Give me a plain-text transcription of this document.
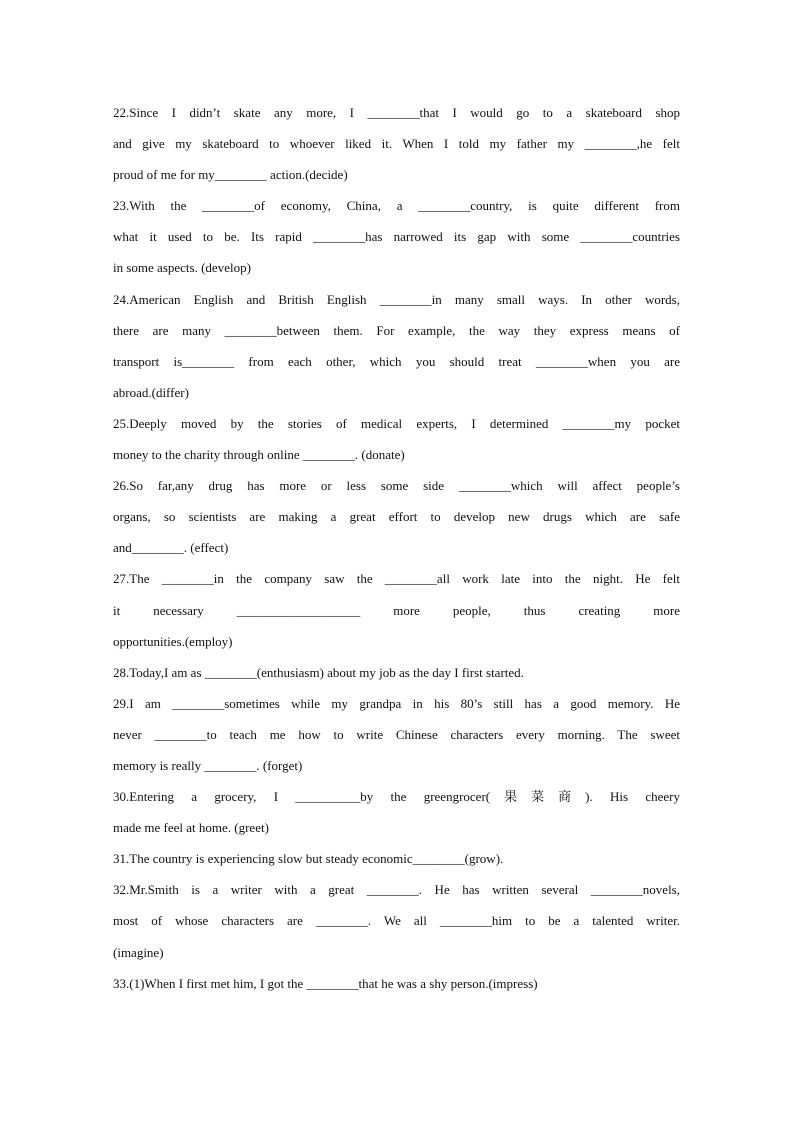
22.Since I didn’t skate any more, I ________that I would go to a skateboard shop
and give my skateboard to whoever liked it. When I told my father my ________,he felt
proud of me for my________ action.(decide)
23.With the ________of economy, China, a ________country, is quite different from
what it used to be. Its rapid ________has narrowed its gap with some ________countries
in some aspects. (develop)
24.American English and British English ________in many small ways. In other words,
there are many ________between them. For example, the way they express means of
transport is________ from each other, which you should treat ________when you are
abroad.(differ)
25.Deeply moved by the stories of medical experts, I determined ________my pocket
money to the charity through online ________. (donate)
26.So far,any drug has more or less some side ________which will affect people’s
organs, so scientists are making a great effort to develop new drugs which are safe
and________. (effect)
27.The ________in the company saw the ________all work late into the night. He felt
it necessary ___________________ more people, thus creating more
opportunities.(employ)
28.Today,I am as ________(enthusiasm) about my job as the day I first started.
29.I am ________sometimes while my grandpa in his 80’s still has a good memory. He
never ________to teach me how to write Chinese characters every morning. The sweet
memory is really ________. (forget)
30.Entering a grocery, I __________by the greengrocer(果菜商). His cheery
made me feel at home. (greet)
31.The country is experiencing slow but steady economic________(grow).
32.Mr.Smith is a writer with a great ________. He has written several ________novels,
most of whose characters are ________. We all ________him to be a talented writer.
(imagine)
33.(1)When I first met him, I got the ________that he was a shy person.(impress)
